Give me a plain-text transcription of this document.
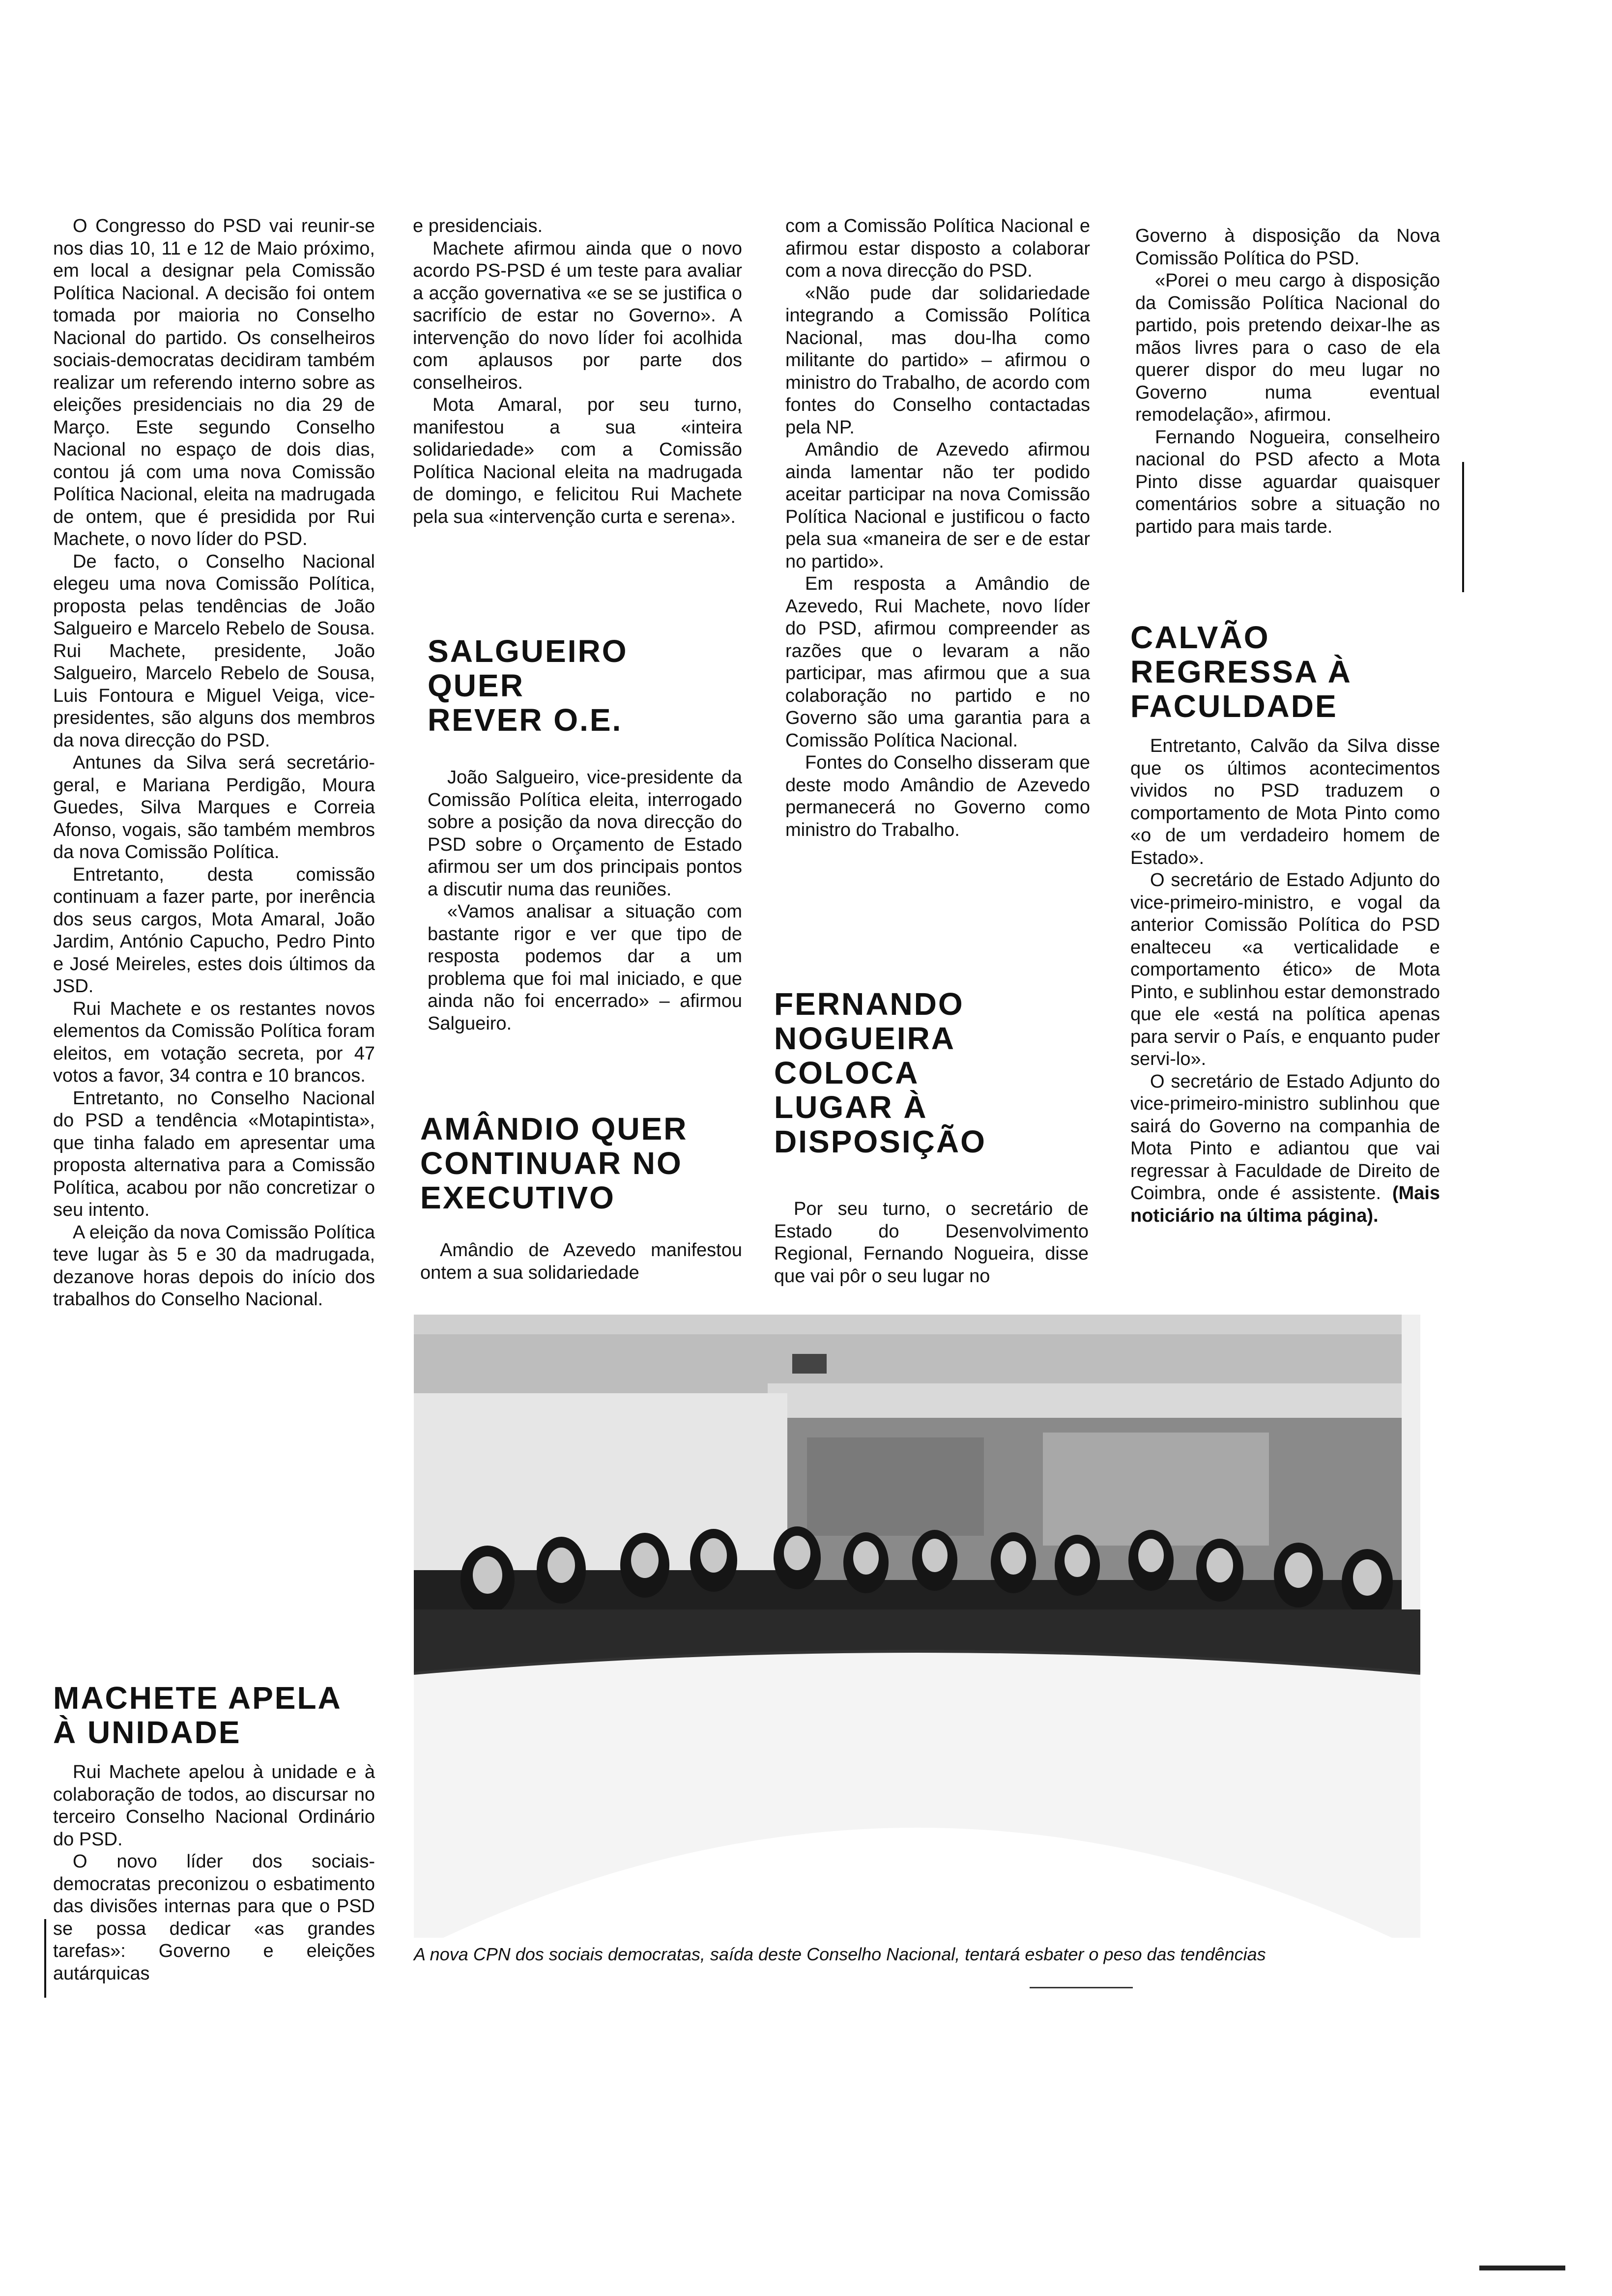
O Congresso do PSD vai reunir-se nos dias 10, 11 e 12 de Maio próximo, em local a designar pela Comissão Política Nacional. A decisão foi ontem tomada por maioria no Conselho Nacional do partido. Os conselheiros sociais-democratas decidiram também realizar um referendo interno sobre as eleições presidenciais no dia 29 de Março. Este segundo Conselho Nacional no espaço de dois dias, contou já com uma nova Comissão Política Nacional, eleita na madrugada de ontem, que é presidida por Rui Machete, o novo líder do PSD.

De facto, o Conselho Nacional elegeu uma nova Comissão Política, proposta pelas tendências de João Salgueiro e Marcelo Rebelo de Sousa. Rui Machete, presidente, João Salgueiro, Marcelo Rebelo de Sousa, Luis Fontoura e Miguel Veiga, vice-presidentes, são alguns dos membros da nova direcção do PSD.

Antunes da Silva será secretário-geral, e Mariana Perdigão, Moura Guedes, Silva Marques e Correia Afonso, vogais, são também membros da nova Comissão Política.

Entretanto, desta comissão continuam a fazer parte, por inerência dos seus cargos, Mota Amaral, João Jardim, António Capucho, Pedro Pinto e José Meireles, estes dois últimos da JSD.

Rui Machete e os restantes novos elementos da Comissão Política foram eleitos, em votação secreta, por 47 votos a favor, 34 contra e 10 brancos.

Entretanto, no Conselho Nacional do PSD a tendência «Motapintista», que tinha falado em apresentar uma proposta alternativa para a Comissão Política, acabou por não concretizar o seu intento.

A eleição da nova Comissão Política teve lugar às 5 e 30 da madrugada, dezanove horas depois do início dos trabalhos do Conselho Nacional.

MACHETE APELA À UNIDADE

Rui Machete apelou à unidade e à colaboração de todos, ao discursar no terceiro Conselho Nacional Ordinário do PSD.

O novo líder dos sociais-democratas preconizou o esbatimento das divisões internas para que o PSD se possa dedicar «as grandes tarefas»: Governo e eleições autárquicas

e presidenciais.

Machete afirmou ainda que o novo acordo PS-PSD é um teste para avaliar a acção governativa «e se se justifica o sacrifício de estar no Governo». A intervenção do novo líder foi acolhida com aplausos por parte dos conselheiros.

Mota Amaral, por seu turno, manifestou a sua «inteira solidariedade» com a Comissão Política Nacional eleita na madrugada de domingo, e felicitou Rui Machete pela sua «intervenção curta e serena».

SALGUEIRO QUER REVER O.E.

João Salgueiro, vice-presidente da Comissão Política eleita, interrogado sobre a posição da nova direcção do PSD sobre o Orçamento de Estado afirmou ser um dos principais pontos a discutir numa das reuniões.

«Vamos analisar a situação com bastante rigor e ver que tipo de resposta podemos dar a um problema que foi mal iniciado, e que ainda não foi encerrado» – afirmou Salgueiro.

AMÂNDIO QUER CONTINUAR NO EXECUTIVO

Amândio de Azevedo manifestou ontem a sua solidariedade

com a Comissão Política Nacional e afirmou estar disposto a colaborar com a nova direcção do PSD.

«Não pude dar solidariedade integrando a Comissão Política Nacional, mas dou-lha como militante do partido» – afirmou o ministro do Trabalho, de acordo com fontes do Conselho contactadas pela NP.

Amândio de Azevedo afirmou ainda lamentar não ter podido aceitar participar na nova Comissão Política Nacional e justificou o facto pela sua «maneira de ser e de estar no partido».

Em resposta a Amândio de Azevedo, Rui Machete, novo líder do PSD, afirmou compreender as razões que o levaram a não participar, mas afirmou que a sua colaboração no partido e no Governo são uma garantia para a Comissão Política Nacional.

Fontes do Conselho disseram que deste modo Amândio de Azevedo permanecerá no Governo como ministro do Trabalho.

FERNANDO NOGUEIRA COLOCA LUGAR À DISPOSIÇÃO

Por seu turno, o secretário de Estado do Desenvolvimento Regional, Fernando Nogueira, disse que vai pôr o seu lugar no

Governo à disposição da Nova Comissão Política do PSD.

«Porei o meu cargo à disposição da Comissão Política Nacional do partido, pois pretendo deixar-lhe as mãos livres para o caso de ela querer dispor do meu lugar no Governo numa eventual remodelação», afirmou.

Fernando Nogueira, conselheiro nacional do PSD afecto a Mota Pinto disse aguardar quaisquer comentários sobre a situação no partido para mais tarde.

CALVÃO REGRESSA À FACULDADE

Entretanto, Calvão da Silva disse que os últimos acontecimentos vividos no PSD traduzem o comportamento de Mota Pinto como «o de um verdadeiro homem de Estado».

O secretário de Estado Adjunto do vice-primeiro-ministro, e vogal da anterior Comissão Política do PSD enalteceu «a verticalidade e comportamento ético» de Mota Pinto, e sublinhou estar demonstrado que ele «está na política apenas para servir o País, e enquanto puder servi-lo».

O secretário de Estado Adjunto do vice-primeiro-ministro sublinhou que sairá do Governo na companhia de Mota Pinto e adiantou que vai regressar à Faculdade de Direito de Coimbra, onde é assistente. (Mais noticiário na última página).

A nova CPN dos sociais democratas, saída deste Conselho Nacional, tentará esbater o peso das tendências
